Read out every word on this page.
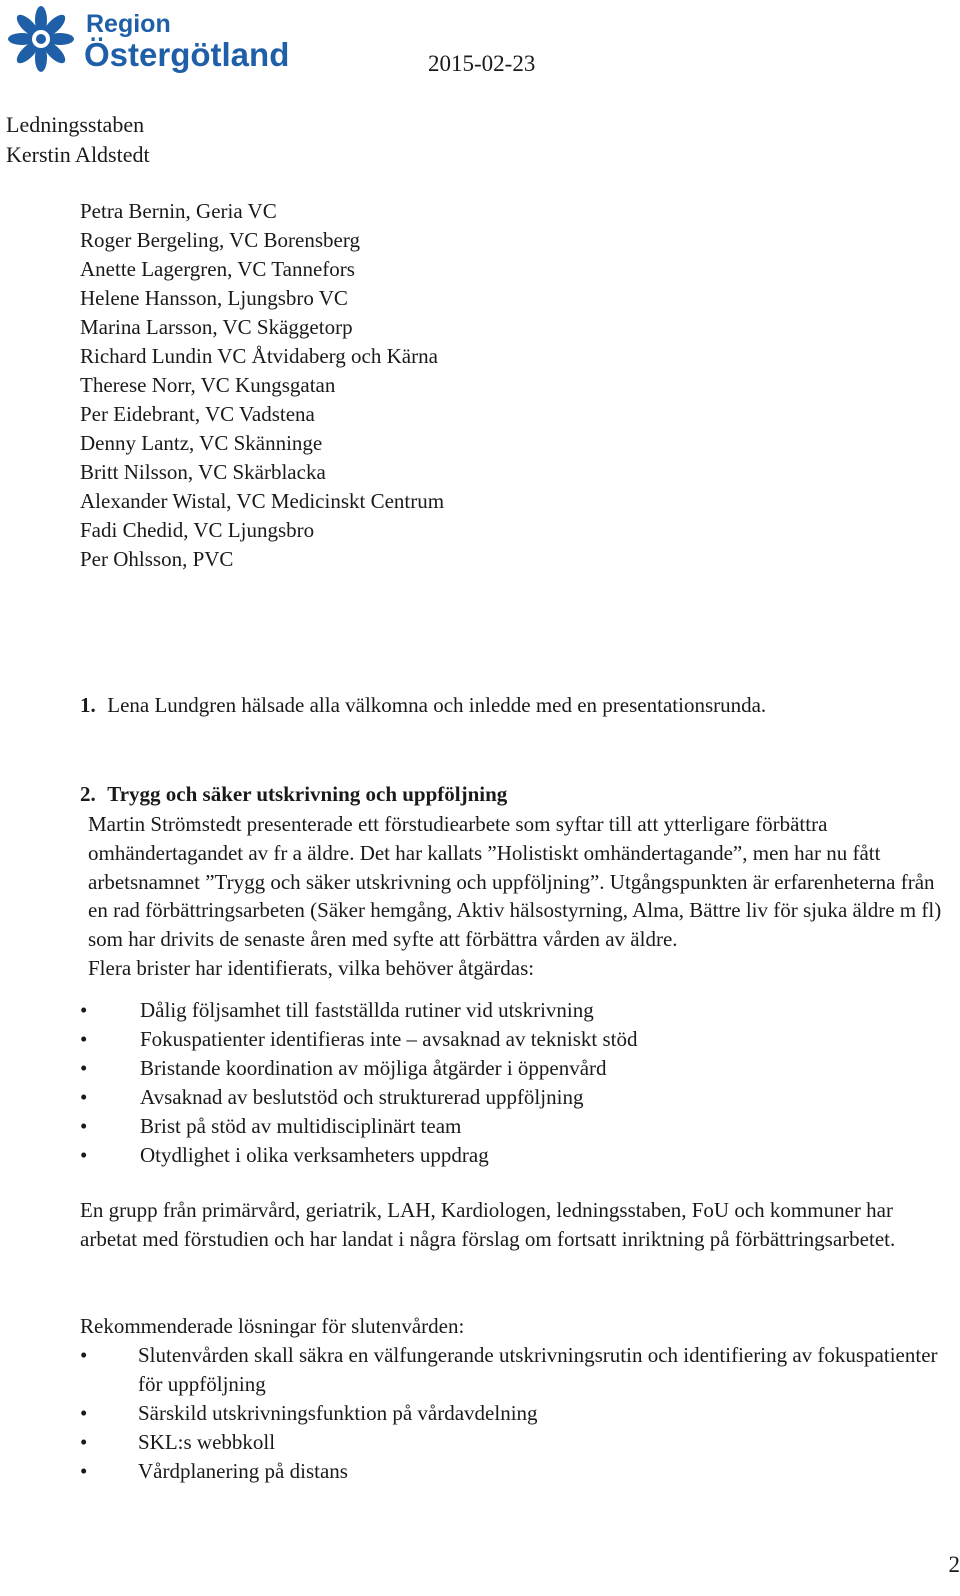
Region
Östergötland	2015-02-23
Ledningsstaben
Kerstin Aldstedt
Petra Bernin, Geria VC
Roger Bergeling, VC Borensberg
Anette Lagergren, VC Tannefors
Helene Hansson, Ljungsbro VC
Marina Larsson, VC Skäggetorp
Richard Lundin VC Åtvidaberg och Kärna
Therese Norr, VC Kungsgatan
Per Eidebrant, VC Vadstena
Denny Lantz, VC Skänninge
Britt Nilsson, VC Skärblacka
Alexander Wistal, VC Medicinskt Centrum
Fadi Chedid, VC Ljungsbro
Per Ohlsson, PVC
1. Lena Lundgren hälsade alla välkomna och inledde med en presentationsrunda.
2. Trygg och säker utskrivning och uppföljning

Martin Strömstedt presenterade ett förstudiearbete som syftar till att ytterligare förbättra omhändertagandet av fr a äldre. Det har kallats ”Holistiskt omhändertagande”, men har nu fått arbetsnamnet ”Trygg och säker utskrivning och uppföljning”. Utgångspunkten är erfarenheterna från en rad förbättringsarbeten (Säker hemgång, Aktiv hälsostyrning, Alma, Bättre liv för sjuka äldre m fl) som har drivits de senaste åren med syfte att förbättra vården av äldre.

Flera brister har identifierats, vilka behöver åtgärdas:

•	Dålig följsamhet till fastställda rutiner vid utskrivning
•	Fokuspatienter identifieras inte – avsaknad av tekniskt stöd
•	Bristande koordination av möjliga åtgärder i öppenvård
•	Avsaknad av beslutstöd och strukturerad uppföljning
•	Brist på stöd av multidisciplinärt team
•	Otydlighet i olika verksamheters uppdrag

En grupp från primärvård, geriatrik, LAH, Kardiologen, ledningsstaben, FoU och kommuner har arbetat med förstudien och har landat i några förslag om fortsatt inriktning på förbättringsarbetet.

Rekommenderade lösningar för slutenvården:

• Slutenvården skall säkra en välfungerande utskrivningsrutin och identifiering av fokuspatienter för uppföljning
• Särskild utskrivningsfunktion på vårdavdelning
• SKL:s webbkoll
• Vårdplanering på distans
2
